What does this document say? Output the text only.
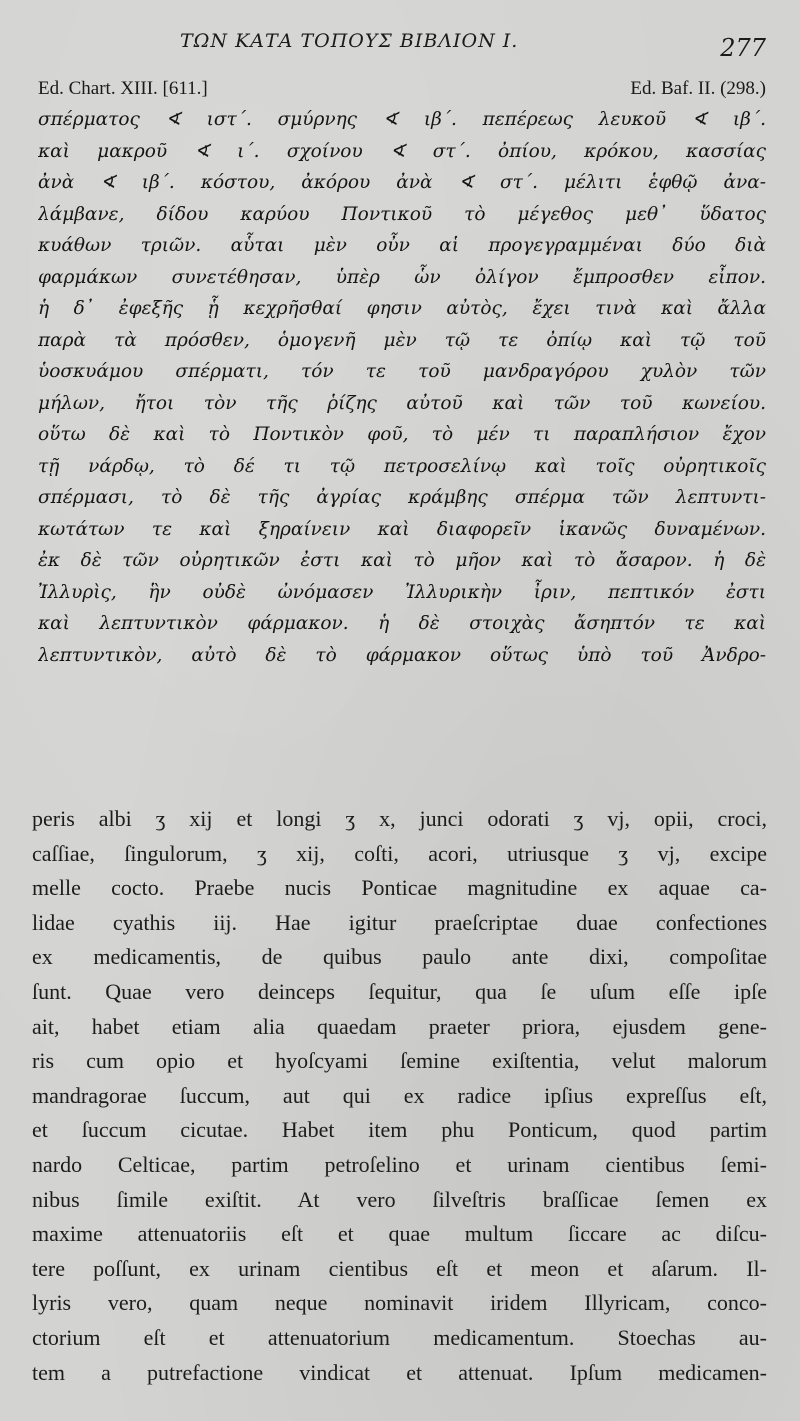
ΤΩΝ ΚΑΤΑ ΤΟΠΟΥΣ ΒΙΒΛΙΟΝ Ι.	277
Ed. Chart. XIII. [611.]	Ed. Baf. II. (298.)
σπέρματος ∢ ιστ΄. σμύρνης ∢ ιβ΄. πεπέρεως λευκοῦ ∢ ιβ΄.
καὶ μακροῦ ∢ ι΄. σχοίνου ∢ στ΄. ὀπίου, κρόκου, κασσίας
ἀνὰ ∢ ιβ΄. κόστου, ἀκόρου ἀνὰ ∢ στ΄. μέλιτι ἑφθῷ ἀνα-
λάμβανε, δίδου καρύου Ποντικοῦ τὸ μέγεθος μεθ᾽ ὕδατος
κυάθων τριῶν. αὗται μὲν οὖν αἱ προγεγραμμέναι δύο διὰ
φαρμάκων συνετέθησαν, ὑπὲρ ὧν ὀλίγον ἔμπροσθεν εἶπον.
ἡ δ᾽ ἐφεξῆς ᾗ κεχρῆσθαί φησιν αὐτὸς, ἔχει τινὰ καὶ ἄλλα
παρὰ τὰ πρόσθεν, ὁμογενῆ μὲν τῷ τε ὀπίῳ καὶ τῷ τοῦ
ὑοσκυάμου σπέρματι, τόν τε τοῦ μανδραγόρου χυλὸν τῶν
μήλων, ἤτοι τὸν τῆς ῥίζης αὐτοῦ καὶ τῶν τοῦ κωνείου.
οὕτω δὲ καὶ τὸ Ποντικὸν φοῦ, τὸ μέν τι παραπλήσιον ἔχον
τῇ νάρδῳ, τὸ δέ τι τῷ πετροσελίνῳ καὶ τοῖς οὐρητικοῖς
σπέρμασι, τὸ δὲ τῆς ἀγρίας κράμβης σπέρμα τῶν λεπτυντι-
κωτάτων τε καὶ ξηραίνειν καὶ διαφορεῖν ἱκανῶς δυναμένων.
ἐκ δὲ τῶν οὐρητικῶν ἐστι καὶ τὸ μῆον καὶ τὸ ἄσαρον. ἡ δὲ
Ἰλλυρὶς, ἣν οὐδὲ ὠνόμασεν Ἰλλυρικὴν ἶριν, πεπτικόν ἐστι
καὶ λεπτυντικὸν φάρμακον. ἡ δὲ στοιχὰς ἄσηπτόν τε καὶ
λεπτυντικὸν, αὐτὸ δὲ τὸ φάρμακον οὕτως ὑπὸ τοῦ Ἀνδρο-
peris albi ʒ xij et longi ʒ x, junci odorati ʒ vj, opii, croci,
caſſiae, ſingulorum, ʒ xij, coſti, acori, utriusque ʒ vj, excipe
melle cocto. Praebe nucis Ponticae magnitudine ex aquae ca-
lidae cyathis iij. Hae igitur praeſcriptae duae confectiones
ex medicamentis, de quibus paulo ante dixi, compoſitae
ſunt. Quae vero deinceps ſequitur, qua ſe uſum eſſe ipſe
ait, habet etiam alia quaedam praeter priora, ejusdem gene-
ris cum opio et hyoſcyami ſemine exiſtentia, velut malorum
mandragorae ſuccum, aut qui ex radice ipſius expreſſus eſt,
et ſuccum cicutae. Habet item phu Ponticum, quod partim
nardo Celticae, partim petroſelino et urinam cientibus ſemi-
nibus ſimile exiſtit. At vero ſilveſtris braſſicae ſemen ex
maxime attenuatoriis eſt et quae multum ſiccare ac diſcu-
tere poſſunt, ex urinam cientibus eſt et meon et aſarum. Il-
lyris vero, quam neque nominavit iridem Illyricam, conco-
ctorium eſt et attenuatorium medicamentum. Stoechas au-
tem a putrefactione vindicat et attenuat. Ipſum medicamen-
